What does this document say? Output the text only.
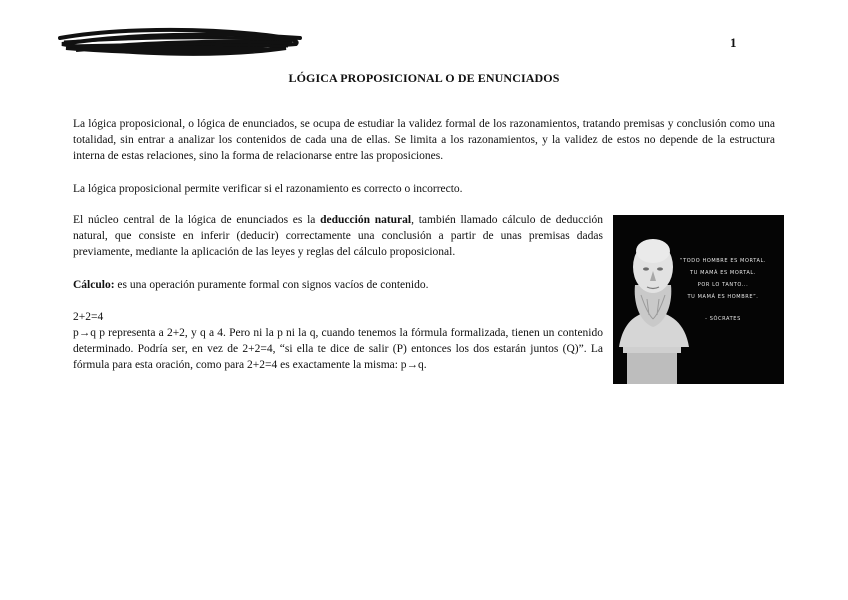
1
LÓGICA PROPOSICIONAL O DE ENUNCIADOS

La lógica proposicional, o lógica de enunciados, se ocupa de estudiar la validez formal de los razonamientos, tratando premisas y conclusión como una totalidad, sin entrar a analizar los contenidos de cada una de ellas. Se limita a los razonamientos, y la validez de estos no depende de la estructura interna de estas relaciones, sino la forma de relacionarse entre las proposiciones.

La lógica proposicional permite verificar si el razonamiento es correcto o incorrecto.

El núcleo central de la lógica de enunciados es la deducción natural, también llamado cálculo de deducción natural, que consiste en inferir (deducir) correctamente una conclusión a partir de unas premisas dadas previamente, mediante la aplicación de las leyes y reglas del cálculo proposicional.

Cálculo: es una operación puramente formal con signos vacíos de contenido.

2+2=4

p→q p representa a 2+2, y q a 4. Pero ni la p ni la q, cuando tenemos la fórmula formalizada, tienen un contenido determinado. Podría ser, en vez de 2+2=4, “si ella te dice de salir (P) entonces los dos estarán juntos (Q)”. La fórmula para esta oración, como para 2+2=4 es exactamente la misma: p→q.

“TODO HOMBRE ES MORTAL.
TU MAMÁ ES MORTAL.
POR LO TANTO...
TU MAMÁ ES HOMBRE”.
- SÓCRATES
